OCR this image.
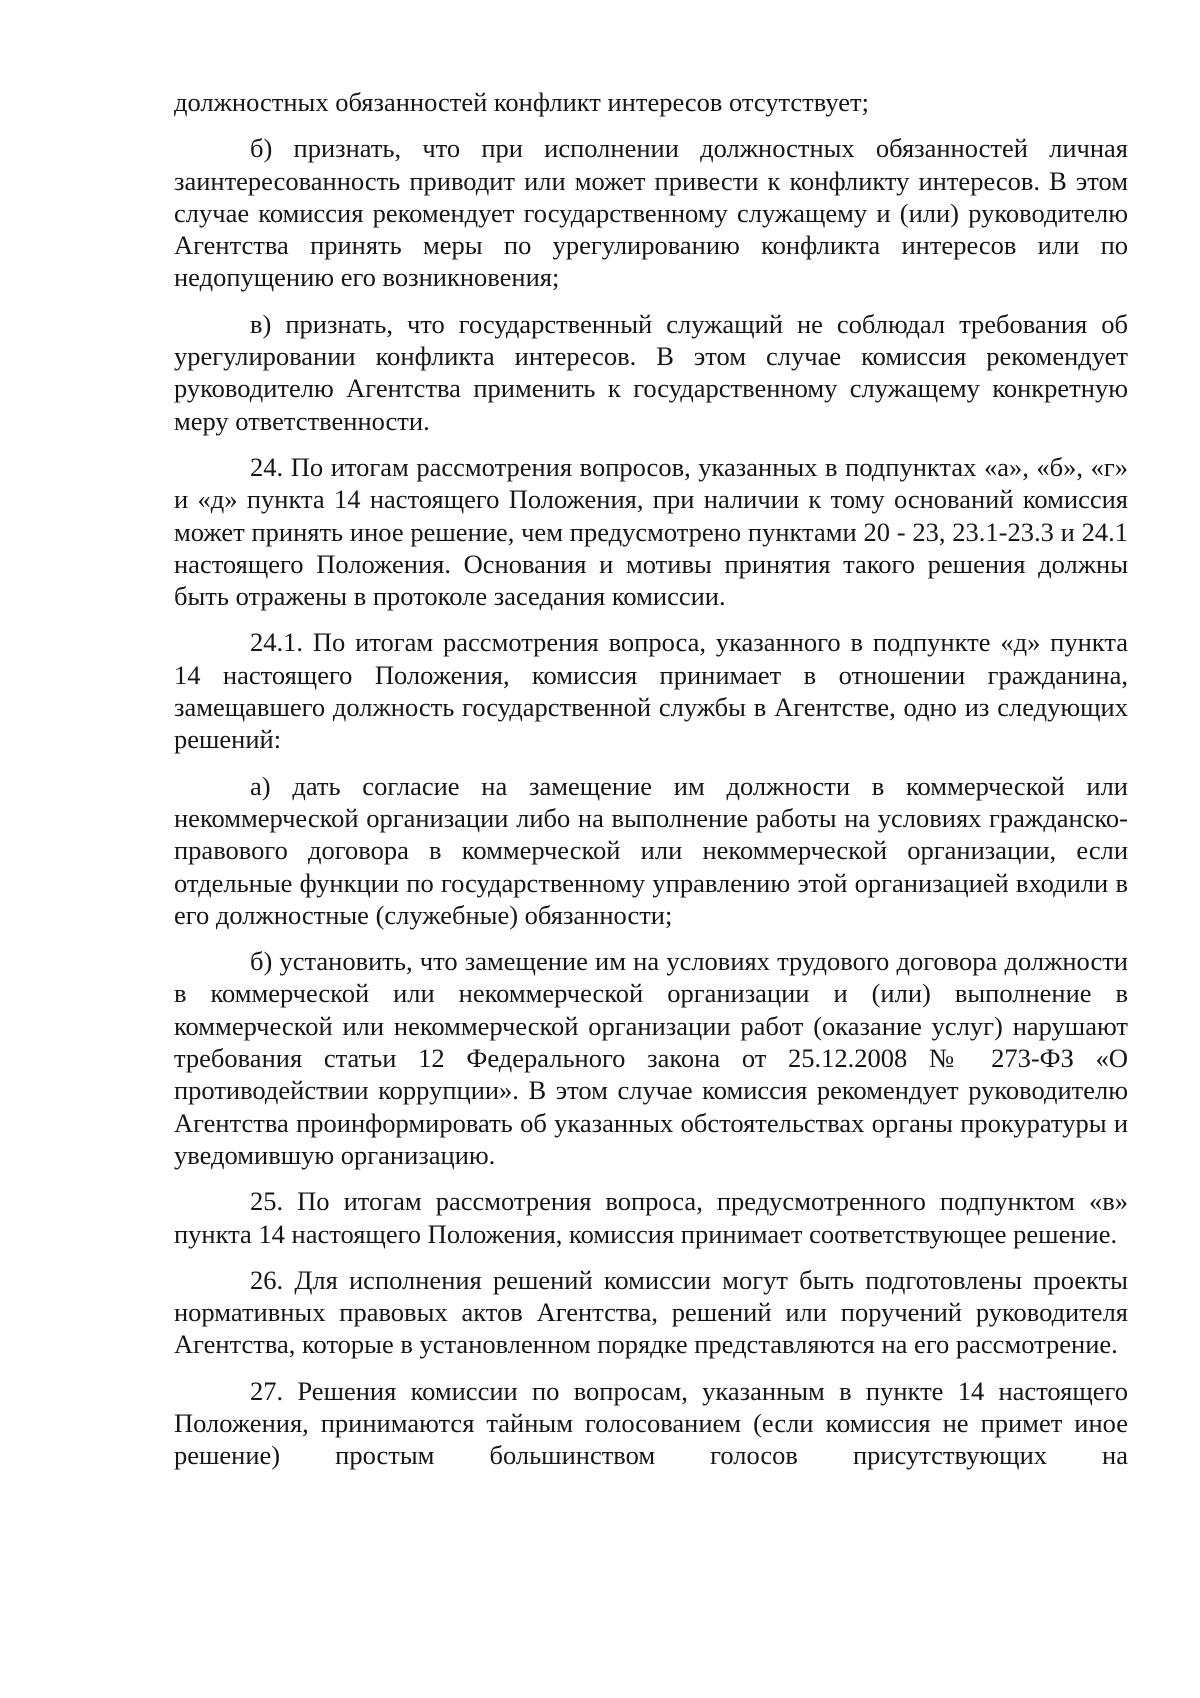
должностных обязанностей конфликт интересов отсутствует;

б) признать, что при исполнении должностных обязанностей личная заинтересованность приводит или может привести к конфликту интересов. В этом случае комиссия рекомендует государственному служащему и (или) руководителю Агентства принять меры по урегулированию конфликта интересов или по недопущению его возникновения;

в) признать, что государственный служащий не соблюдал требования об урегулировании конфликта интересов. В этом случае комиссия рекомендует руководителю Агентства применить к государственному служащему конкретную меру ответственности.

24. По итогам рассмотрения вопросов, указанных в подпунктах «а», «б», «г» и «д» пункта 14 настоящего Положения, при наличии к тому оснований комиссия может принять иное решение, чем предусмотрено пунктами 20 - 23, 23.1-23.3 и 24.1 настоящего Положения. Основания и мотивы принятия такого решения должны быть отражены в протоколе заседания комиссии.

24.1. По итогам рассмотрения вопроса, указанного в подпункте «д» пункта 14 настоящего Положения, комиссия принимает в отношении гражданина, замещавшего должность государственной службы в Агентстве, одно из следующих решений:

а) дать согласие на замещение им должности в коммерческой или некоммерческой организации либо на выполнение работы на условиях гражданско-правового договора в коммерческой или некоммерческой организации, если отдельные функции по государственному управлению этой организацией входили в его должностные (служебные) обязанности;

б) установить, что замещение им на условиях трудового договора должности в коммерческой или некоммерческой организации и (или) выполнение в коммерческой или некоммерческой организации работ (оказание услуг) нарушают требования статьи 12 Федерального закона от 25.12.2008 № 273-ФЗ «О противодействии коррупции». В этом случае комиссия рекомендует руководителю Агентства проинформировать об указанных обстоятельствах органы прокуратуры и уведомившую организацию.

25. По итогам рассмотрения вопроса, предусмотренного подпунктом «в» пункта 14 настоящего Положения, комиссия принимает соответствующее решение.

26. Для исполнения решений комиссии могут быть подготовлены проекты нормативных правовых актов Агентства, решений или поручений руководителя Агентства, которые в установленном порядке представляются на его рассмотрение.

27. Решения комиссии по вопросам, указанным в пункте 14 настоящего Положения, принимаются тайным голосованием (если комиссия не примет иное решение) простым большинством голосов присутствующих на
